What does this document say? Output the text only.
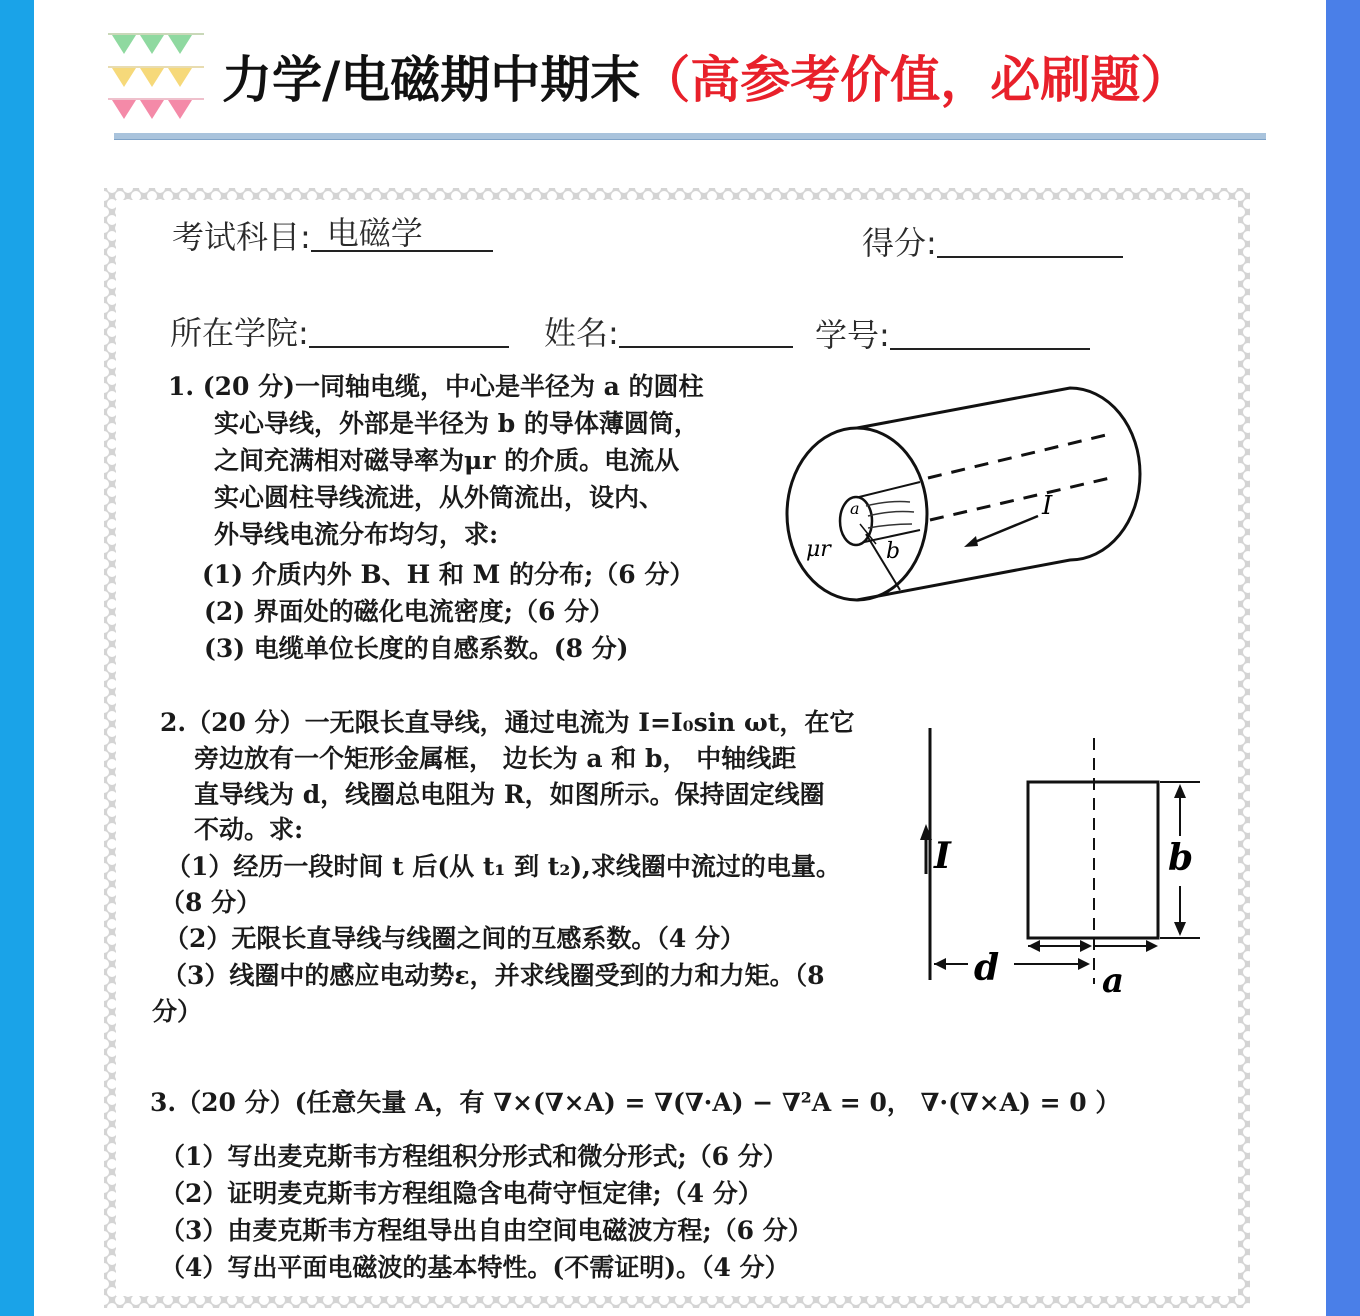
力学/电磁期中期末（高参考价值，必刷题）
考试科目: 电磁学	得分:
所在学院:	姓名:	学号:
1. (20 分)一同轴电缆，中心是半径为 a 的圆柱
实心导线，外部是半径为 b 的导体薄圆筒，
之间充满相对磁导率为μr 的介质。电流从
实心圆柱导线流进，从外筒流出，设内、
外导线电流分布均匀，求:
(1) 介质内外 B、H 和 M 的分布;（6 分）
(2) 界面处的磁化电流密度;（6 分）
(3) 电缆单位长度的自感系数。(8 分)
I
b
a
μr
2.（20 分）一无限长直导线，通过电流为 I=I₀sin ωt，在它
旁边放有一个矩形金属框， 边长为 a 和 b， 中轴线距
直导线为 d，线圈总电阻为 R，如图所示。保持固定线圈
不动。求:
（1）经历一段时间 t 后(从 t₁ 到 t₂),求线圈中流过的电量。
（8 分）
（2）无限长直导线与线圈之间的互感系数。（4 分）
（3）线圈中的感应电动势ε，并求线圈受到的力和力矩。（8
分）
I	b
d	a
3.（20 分）(任意矢量 A，有 ∇×(∇×A) = ∇(∇·A) − ∇²A = 0， ∇·(∇×A) = 0 ）
（1）写出麦克斯韦方程组积分形式和微分形式;（6 分）
（2）证明麦克斯韦方程组隐含电荷守恒定律;（4 分）
（3）由麦克斯韦方程组导出自由空间电磁波方程;（6 分）
（4）写出平面电磁波的基本特性。(不需证明)。（4 分）
